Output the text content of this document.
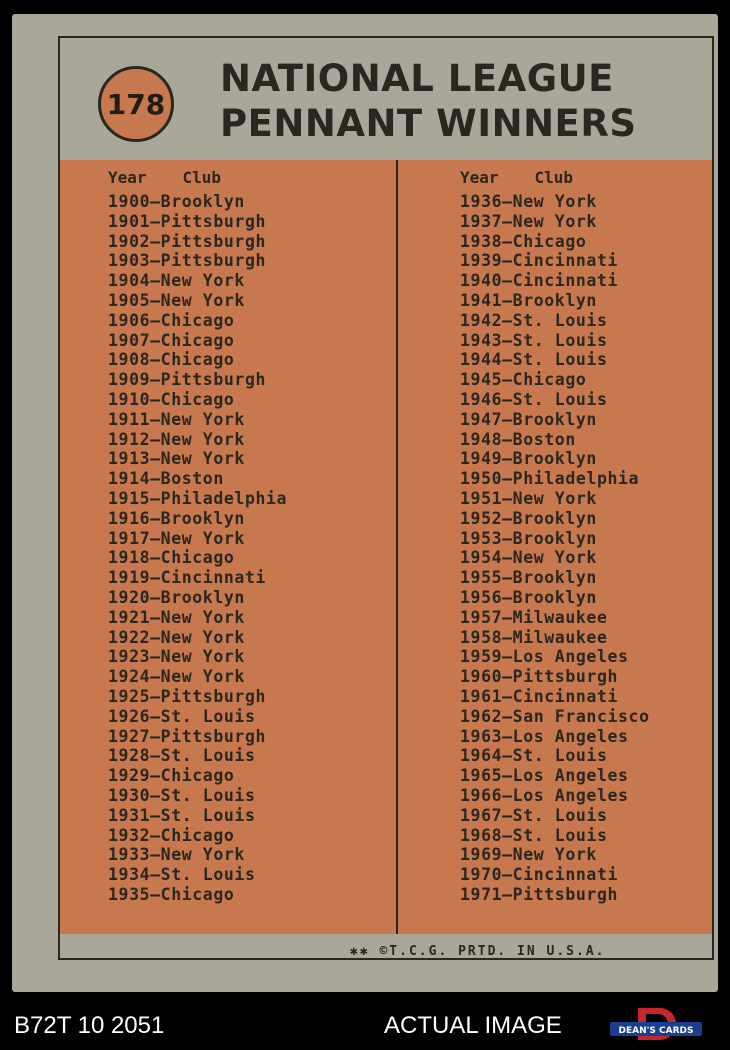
178
NATIONAL LEAGUE
PENNANT WINNERS
Year Club
1900—Brooklyn
1901—Pittsburgh
1902—Pittsburgh
1903—Pittsburgh
1904—New York
1905—New York
1906—Chicago
1907—Chicago
1908—Chicago
1909—Pittsburgh
1910—Chicago
1911—New York
1912—New York
1913—New York
1914—Boston
1915—Philadelphia
1916—Brooklyn
1917—New York
1918—Chicago
1919—Cincinnati
1920—Brooklyn
1921—New York
1922—New York
1923—New York
1924—New York
1925—Pittsburgh
1926—St. Louis
1927—Pittsburgh
1928—St. Louis
1929—Chicago
1930—St. Louis
1931—St. Louis
1932—Chicago
1933—New York
1934—St. Louis
1935—Chicago
Year Club
1936—New York
1937—New York
1938—Chicago
1939—Cincinnati
1940—Cincinnati
1941—Brooklyn
1942—St. Louis
1943—St. Louis
1944—St. Louis
1945—Chicago
1946—St. Louis
1947—Brooklyn
1948—Boston
1949—Brooklyn
1950—Philadelphia
1951—New York
1952—Brooklyn
1953—Brooklyn
1954—New York
1955—Brooklyn
1956—Brooklyn
1957—Milwaukee
1958—Milwaukee
1959—Los Angeles
1960—Pittsburgh
1961—Cincinnati
1962—San Francisco
1963—Los Angeles
1964—St. Louis
1965—Los Angeles
1966—Los Angeles
1967—St. Louis
1968—St. Louis
1969—New York
1970—Cincinnati
1971—Pittsburgh
✱✱ ©T.C.G. PRTD. IN U.S.A.
B72T 10 2051	ACTUAL IMAGE	DEAN'S CARDS
